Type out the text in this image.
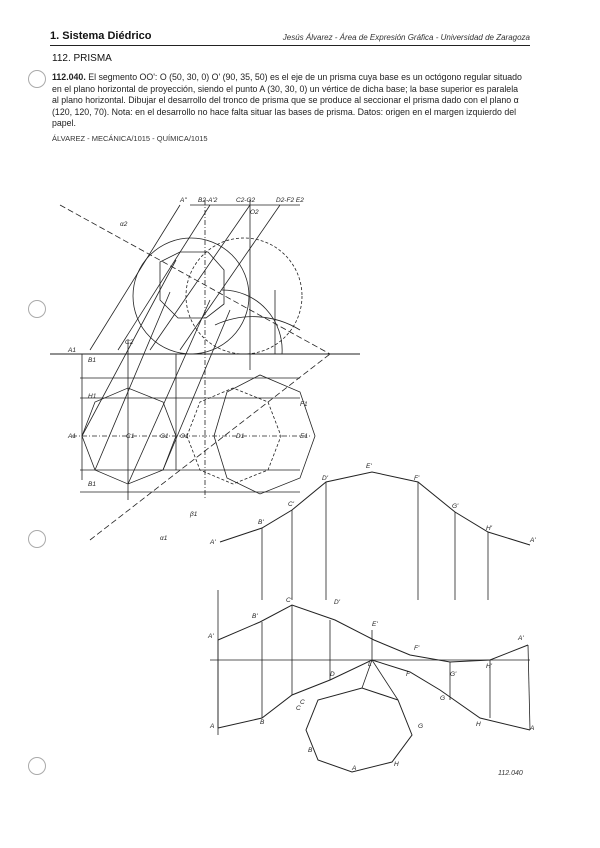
1. Sistema Diédrico	Jesús Álvarez - Área de Expresión Gráfica - Universidad de Zaragoza
112. PRISMA
112.040. El segmento OO': O (50, 30, 0) O' (90, 35, 50) es el eje de un prisma cuya base es un octógono regular situado en el plano horizontal de proyección, siendo el punto A (30, 30, 0) un vértice de dicha base; la base superior es paralela al plano horizontal. Dibujar el desarrollo del tronco de prisma que se produce al seccionar el prisma dado con el plano α (120, 120, 70). Nota: en el desarrollo no hace falta situar las bases de prisma. Datos: origen en el margen izquierdo del papel.
ÁLVAREZ - MECÁNICA/1015 - QUÍMICA/1015
A'' B2-A'2	C2-G2	D2-F2 E2
O2
α2
A1
B1
A1
H1
B1
C2
C1	G1 O1	D1	E1
F1
β1
α1
A'
B'
C'
D'
E'
F'
G'
H'
A'
A'
B'
C'	D'
E'
F'
G'
H'
A'
A
B
C
D
L
F
G
H
A
B
A
H
G
C
112.040
